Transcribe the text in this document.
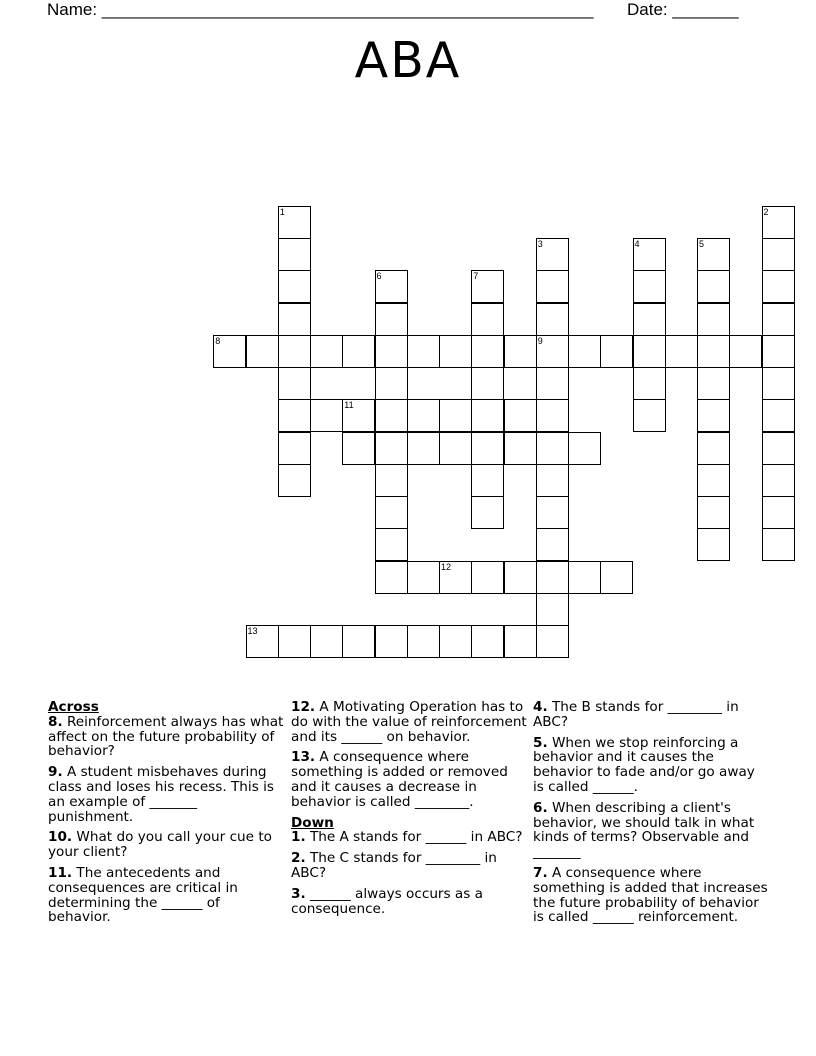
Name: ____________________________________________________ Date: _______
ABA
1
6	7
3
9
4	5
2
8
11
12
13
Across
8. Reinforcement always has what affect on the future probability of behavior?
9. A student misbehaves during class and loses his recess. This is an example of _______ punishment.
10. What do you call your cue to your client?
11. The antecedents and consequences are critical in determining the ______ of behavior.
12. A Motivating Operation has to do with the value of reinforcement and its ______ on behavior.
13. A consequence where something is added or removed and it causes a decrease in behavior is called ________.
Down
1. The A stands for ______ in ABC?
2. The C stands for ________ in ABC?
3. ______ always occurs as a consequence.
4. The B stands for ________ in ABC?
5. When we stop reinforcing a behavior and it causes the behavior to fade and/or go away is called ______.
6. When describing a client's behavior, we should talk in what kinds of terms? Observable and _______
7. A consequence where something is added that increases the future probability of behavior is called ______ reinforcement.
